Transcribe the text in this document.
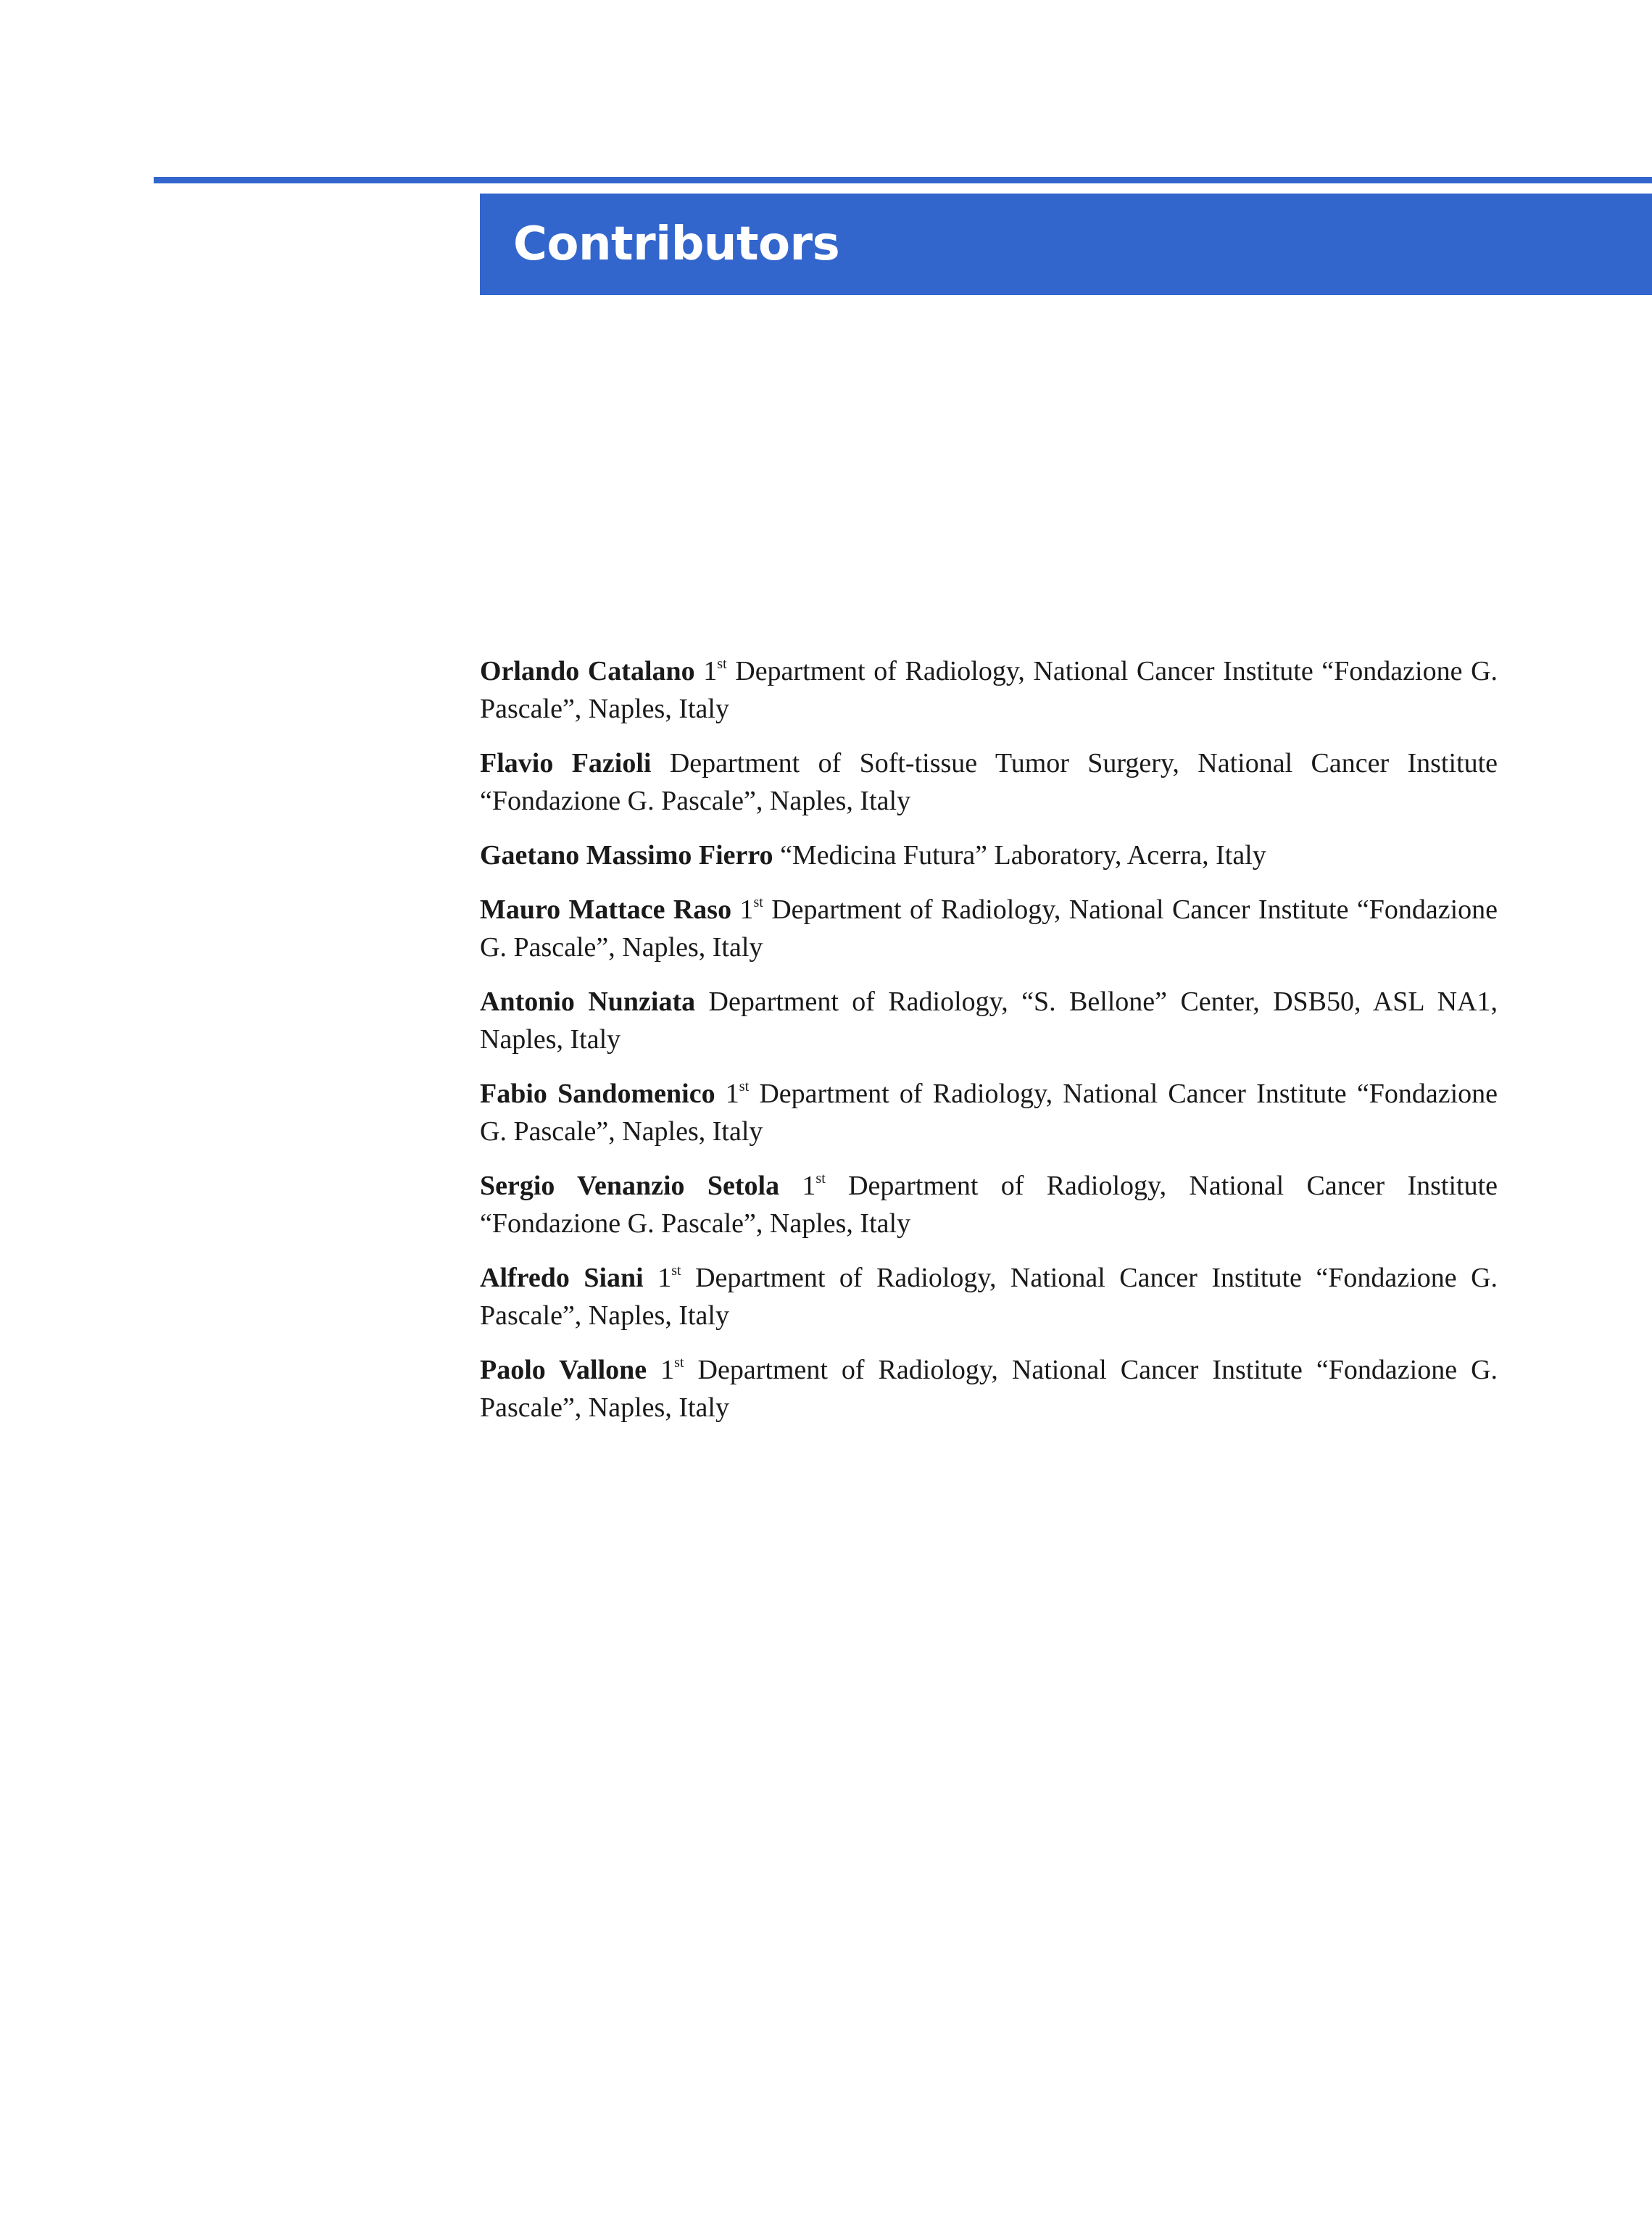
Contributors

Orlando Catalano 1st Department of Radiology, National Cancer Institute “Fondazione G. Pascale”, Naples, Italy

Flavio Fazioli Department of Soft-tissue Tumor Surgery, National Cancer Institute “Fondazione G. Pascale”, Naples, Italy

Gaetano Massimo Fierro “Medicina Futura” Laboratory, Acerra, Italy

Mauro Mattace Raso 1st Department of Radiology, National Cancer Institute “Fondazione G. Pascale”, Naples, Italy

Antonio Nunziata Department of Radiology, “S. Bellone” Center, DSB50, ASL NA1, Naples, Italy

Fabio Sandomenico 1st Department of Radiology, National Cancer Institute “Fondazione G. Pascale”, Naples, Italy

Sergio Venanzio Setola 1st Department of Radiology, National Cancer Institute “Fondazione G. Pascale”, Naples, Italy

Alfredo Siani 1st Department of Radiology, National Cancer Institute “Fondazione G. Pascale”, Naples, Italy

Paolo Vallone 1st Department of Radiology, National Cancer Institute “Fondazione G. Pascale”, Naples, Italy
